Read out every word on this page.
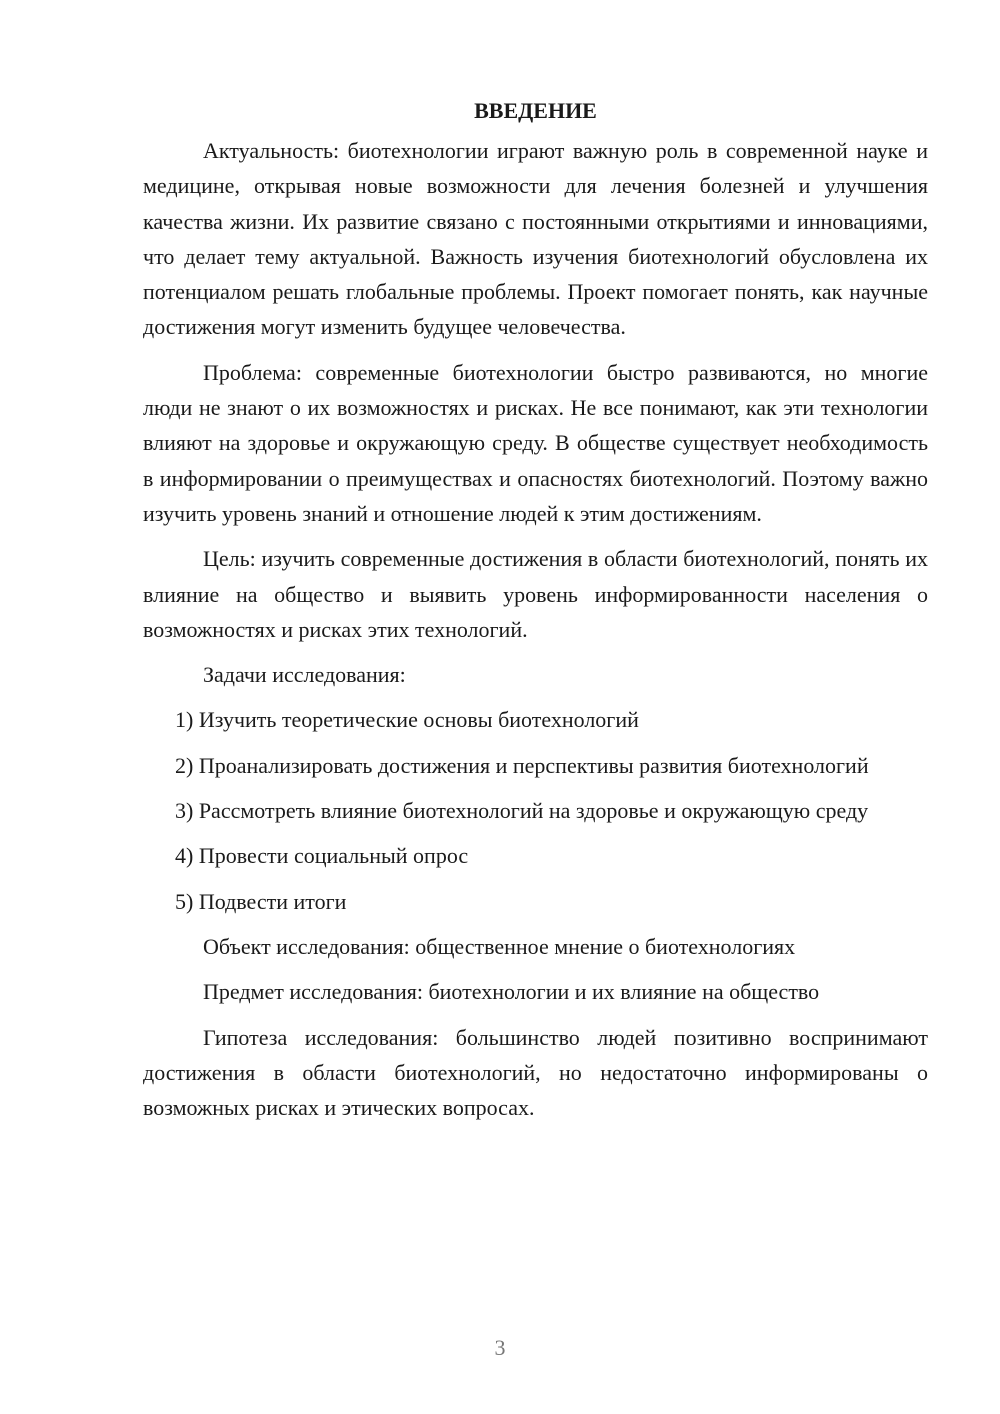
ВВЕДЕНИЕ

Актуальность: биотехнологии играют важную роль в современной науке и медицине, открывая новые возможности для лечения болезней и улучшения качества жизни. Их развитие связано с постоянными открытиями и инновациями, что делает тему актуальной. Важность изучения биотехнологий обусловлена их потенциалом решать глобальные проблемы. Проект помогает понять, как научные достижения могут изменить будущее человечества.

Проблема: современные биотехнологии быстро развиваются, но многие люди не знают о их возможностях и рисках. Не все понимают, как эти технологии влияют на здоровье и окружающую среду. В обществе существует необходимость в информировании о преимуществах и опасностях биотехнологий. Поэтому важно изучить уровень знаний и отношение людей к этим достижениям.

Цель: изучить современные достижения в области биотехнологий, понять их влияние на общество и выявить уровень информированности населения о возможностях и рисках этих технологий.

Задачи исследования:

1) Изучить теоретические основы биотехнологий

2) Проанализировать достижения и перспективы развития биотехнологий

3) Рассмотреть влияние биотехнологий на здоровье и окружающую среду

4) Провести социальный опрос

5) Подвести итоги

Объект исследования: общественное мнение о биотехнологиях

Предмет исследования: биотехнологии и их влияние на общество

Гипотеза исследования: большинство людей позитивно воспринимают достижения в области биотехнологий, но недостаточно информированы о возможных рисках и этических вопросах.

3
